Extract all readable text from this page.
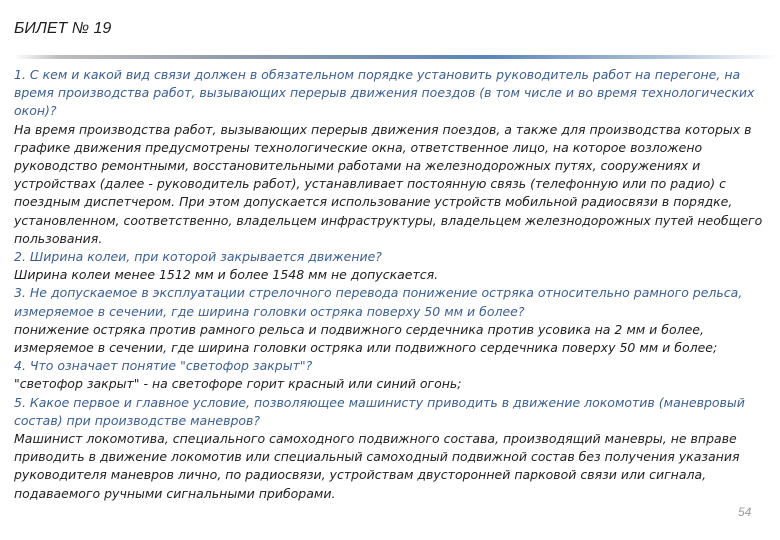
БИЛЕТ № 19

1. С кем и какой вид связи должен в обязательном порядке установить руководитель работ на перегоне, на время производства работ, вызывающих перерыв движения поездов (в том числе и во время технологических окон)?

На время производства работ, вызывающих перерыв движения поездов, а также для производства которых в графике движения предусмотрены технологические окна, ответственное лицо, на которое возложено руководство ремонтными, восстановительными работами на железнодорожных путях, сооружениях и устройствах (далее - руководитель работ), устанавливает постоянную связь (телефонную или по радио) с поездным диспетчером. При этом допускается использование устройств мобильной радиосвязи в порядке, установленном, соответственно, владельцем инфраструктуры, владельцем железнодорожных путей необщего пользования.

2. Ширина колеи, при которой закрывается движение?

Ширина колеи менее 1512 мм и более 1548 мм не допускается.

3. Не допускаемое в эксплуатации стрелочного перевода понижение остряка относительно рамного рельса, измеряемое в сечении, где ширина головки остряка поверху 50 мм и более?

понижение остряка против рамного рельса и подвижного сердечника против усовика на 2 мм и более, измеряемое в сечении, где ширина головки остряка или подвижного сердечника поверху 50 мм и более;

4. Что означает понятие "светофор закрыт"?

"светофор закрыт" - на светофоре горит красный или синий огонь;

5. Какое первое и главное условие, позволяющее машинисту приводить в движение локомотив (маневровый состав) при производстве маневров?

Машинист локомотива, специального самоходного подвижного состава, производящий маневры, не вправе приводить в движение локомотив или специальный самоходный подвижной состав без получения указания руководителя маневров лично, по радиосвязи, устройствам двусторонней парковой связи или сигнала, подаваемого ручными сигнальными приборами.

54
